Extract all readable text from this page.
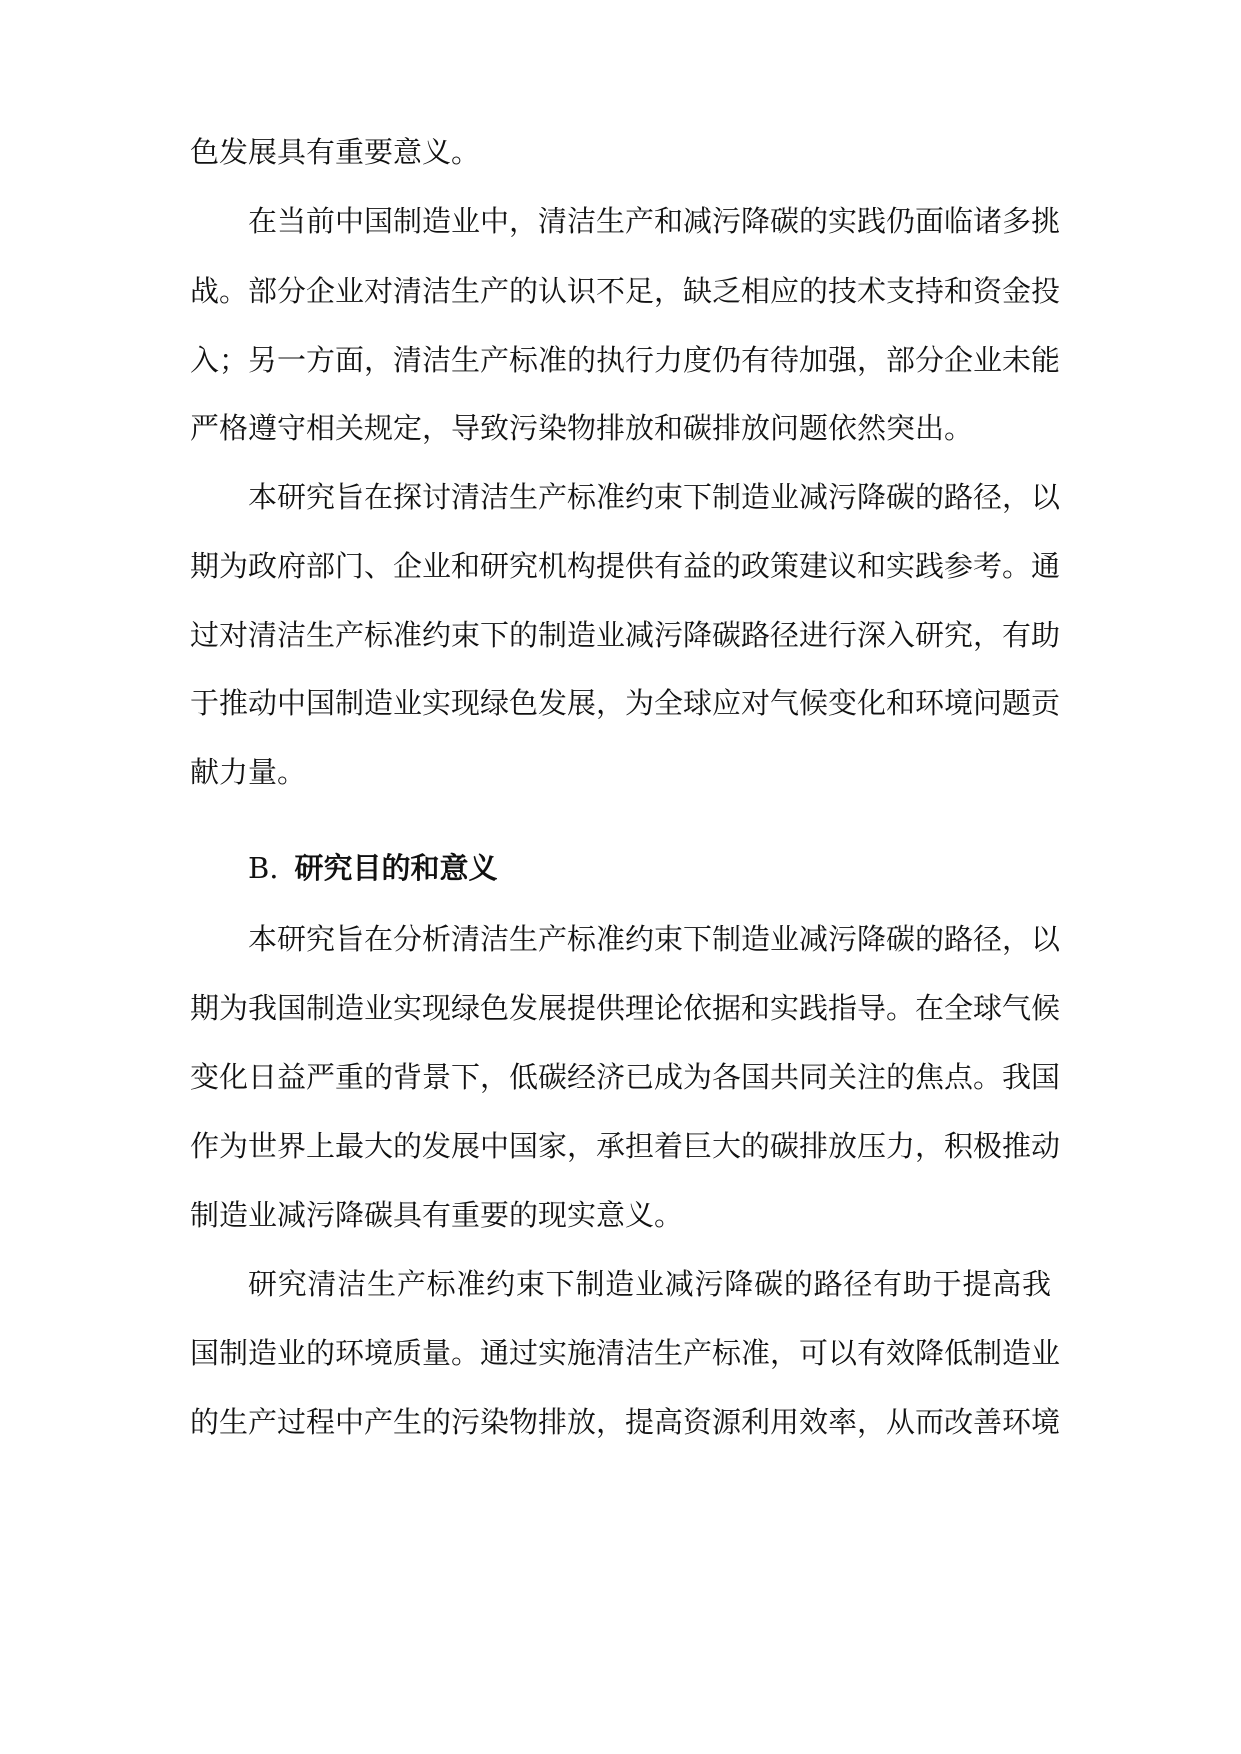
色发展具有重要意义。
在当前中国制造业中，清洁生产和减污降碳的实践仍面临诸多挑
战。部分企业对清洁生产的认识不足，缺乏相应的技术支持和资金投
入；另一方面，清洁生产标准的执行力度仍有待加强，部分企业未能
严格遵守相关规定，导致污染物排放和碳排放问题依然突出。
本研究旨在探讨清洁生产标准约束下制造业减污降碳的路径，以
期为政府部门、企业和研究机构提供有益的政策建议和实践参考。通
过对清洁生产标准约束下的制造业减污降碳路径进行深入研究，有助
于推动中国制造业实现绿色发展，为全球应对气候变化和环境问题贡
献力量。
B. 研究目的和意义
本研究旨在分析清洁生产标准约束下制造业减污降碳的路径，以
期为我国制造业实现绿色发展提供理论依据和实践指导。在全球气候
变化日益严重的背景下，低碳经济已成为各国共同关注的焦点。我国
作为世界上最大的发展中国家，承担着巨大的碳排放压力，积极推动
制造业减污降碳具有重要的现实意义。
研究清洁生产标准约束下制造业减污降碳的路径有助于提高我
国制造业的环境质量。通过实施清洁生产标准，可以有效降低制造业
的生产过程中产生的污染物排放，提高资源利用效率，从而改善环境
